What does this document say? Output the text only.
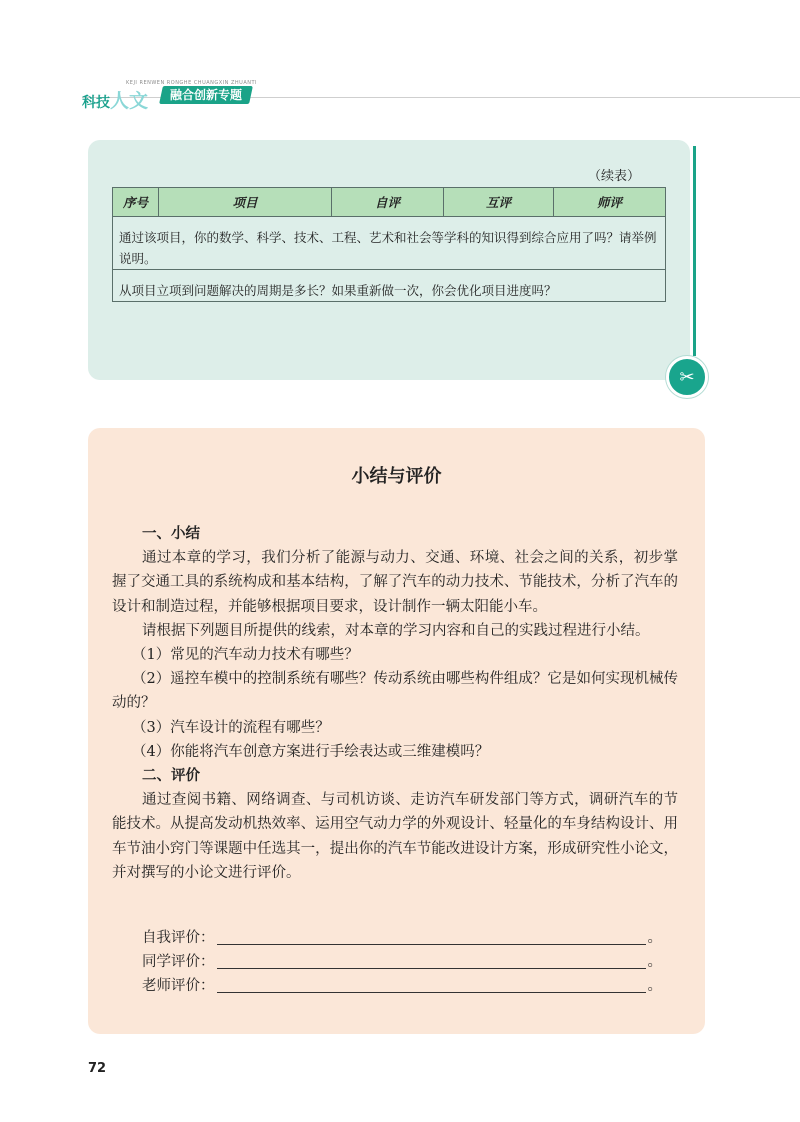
KEJI RENWEN RONGHE CHUANGXIN ZHUANTI
科技人文	融合创新专题
✂
（续表）
序号	项目	自评	互评	师评
通过该项目，你的数学、科学、技术、工程、艺术和社会等学科的知识得到综合应用了吗？请举例说明。
从项目立项到问题解决的周期是多长？如果重新做一次，你会优化项目进度吗？
小结与评价

一、小结

通过本章的学习，我们分析了能源与动力、交通、环境、社会之间的关系，初步掌握了交通工具的系统构成和基本结构，了解了汽车的动力技术、节能技术，分析了汽车的设计和制造过程，并能够根据项目要求，设计制作一辆太阳能小车。

请根据下列题目所提供的线索，对本章的学习内容和自己的实践过程进行小结。

（1）常见的汽车动力技术有哪些？

（2）遥控车模中的控制系统有哪些？传动系统由哪些构件组成？它是如何实现机械传动的？

（3）汽车设计的流程有哪些？

（4）你能将汽车创意方案进行手绘表达或三维建模吗？

二、评价

通过查阅书籍、网络调查、与司机访谈、走访汽车研发部门等方式，调研汽车的节能技术。从提高发动机热效率、运用空气动力学的外观设计、轻量化的车身结构设计、用车节油小窍门等课题中任选其一，提出你的汽车节能改进设计方案，形成研究性小论文，并对撰写的小论文进行评价。

自我评价：	。
同学评价：	。
老师评价：	。
72
